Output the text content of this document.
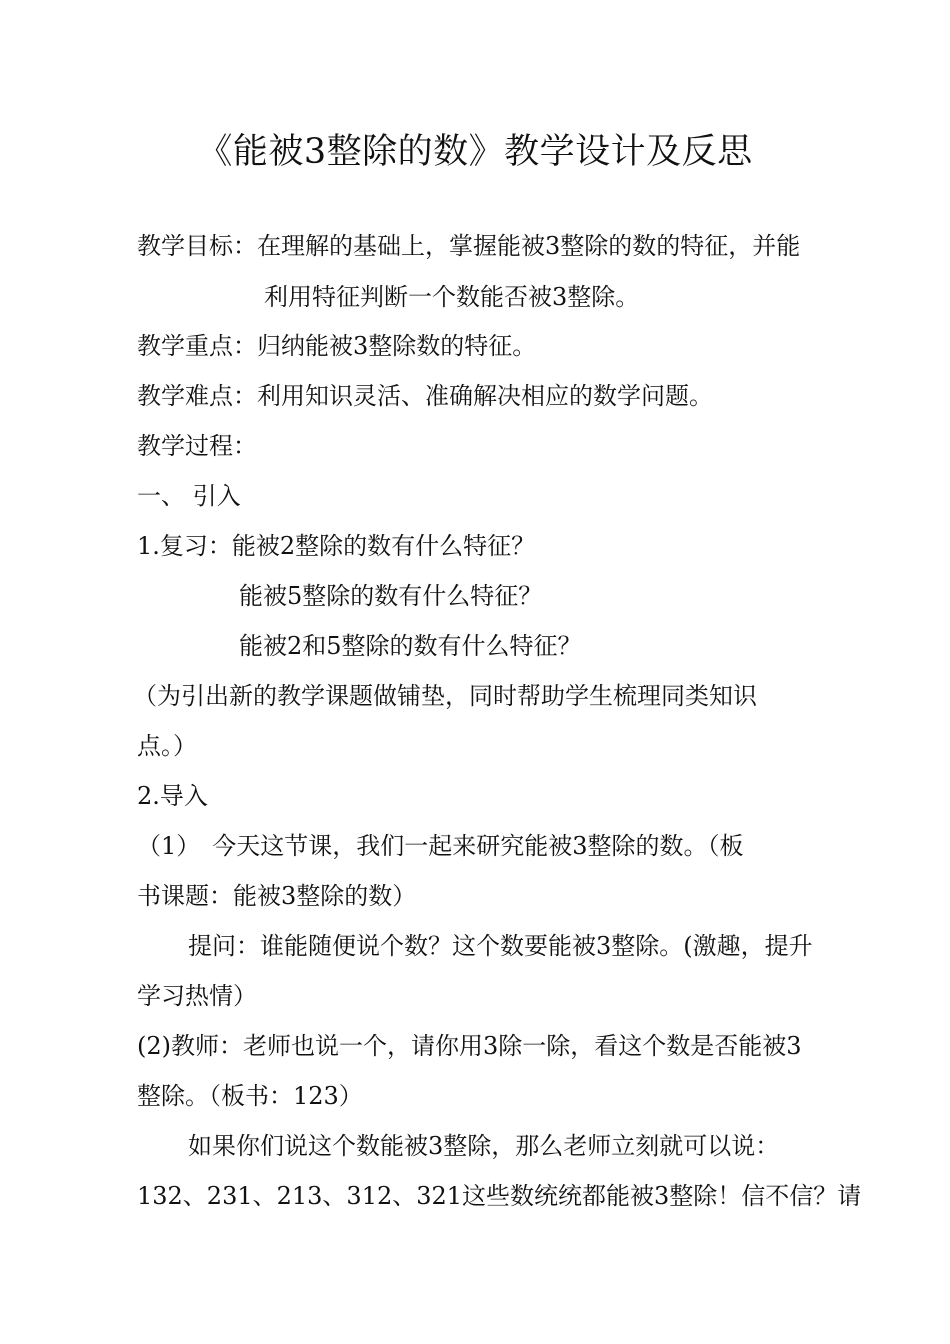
《能被3整除的数》教学设计及反思
教学目标：在理解的基础上，掌握能被3整除的数的特征，并能
利用特征判断一个数能否被3整除。
教学重点：归纳能被3整除数的特征。
教学难点：利用知识灵活、准确解决相应的数学问题。
教学过程：
一、 引入
1.复习：能被2整除的数有什么特征？
能被5整除的数有什么特征？
能被2和5整除的数有什么特征？
（为引出新的教学课题做铺垫，同时帮助学生梳理同类知识
点。）
2.导入
（1）　今天这节课，我们一起来研究能被3整除的数。（板
书课题：能被3整除的数）
提问：谁能随便说个数？这个数要能被3整除。(激趣，提升
学习热情）
(2)教师：老师也说一个，请你用3除一除，看这个数是否能被3
整除。（板书：123）
如果你们说这个数能被3整除，那么老师立刻就可以说：
132、231、213、312、321这些数统统都能被3整除！信不信？请
